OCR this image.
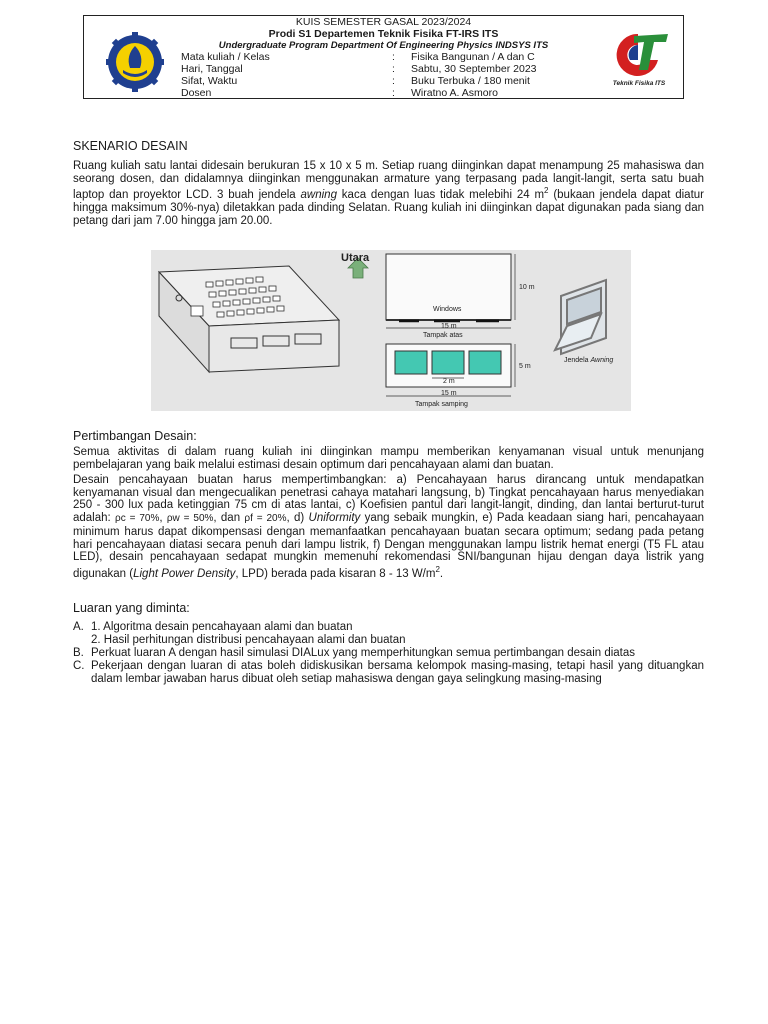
KUIS SEMESTER GASAL 2023/2024
Prodi S1 Departemen Teknik Fisika FT-IRS ITS
Undergraduate Program Department Of Engineering Physics INDSYS ITS
Mata kuliah / Kelas	: Fisika Bangunan / A dan C
Hari, Tanggal	: Sabtu, 30 September 2023
Sifat, Waktu	: Buku Terbuka / 180 menit
Dosen	: Wiratno A. Asmoro
Teknik Fisika ITS
SKENARIO DESAIN
Ruang kuliah satu lantai didesain berukuran 15 x 10 x 5 m. Setiap ruang diinginkan dapat menampung 25 mahasiswa dan seorang dosen, dan didalamnya diinginkan menggunakan armature yang terpasang pada langit-langit, serta satu buah laptop dan proyektor LCD. 3 buah jendela awning kaca dengan luas tidak melebihi 24 $m^2$ (bukaan jendela dapat diatur hingga maksimum 30%-nya) diletakkan pada dinding Selatan. Ruang kuliah ini diinginkan dapat digunakan pada siang dan petang dari jam 7.00 hingga jam 20.00.
Utara
10 m
Windows
15 m
Tampak atas
5 m
2 m
15 m
Tampak samping
Jendela Awning
Pertimbangan Desain:
Semua aktivitas di dalam ruang kuliah ini diinginkan mampu memberikan kenyamanan visual untuk menunjang pembelajaran yang baik melalui estimasi desain optimum dari pencahayaan alami dan buatan.
Desain pencahayaan buatan harus mempertimbangkan: a) Pencahayaan harus dirancang untuk mendapatkan kenyamanan visual dan mengecualikan penetrasi cahaya matahari langsung, b) Tingkat pencahayaan harus menyediakan 250 - 300 lux pada ketinggian 75 cm di atas lantai, c) Koefisien pantul dari langit-langit, dinding, dan lantai berturut-turut adalah: ρc = 70%, ρw = 50%, dan ρf = 20%, d) Uniformity yang sebaik mungkin, e) Pada keadaan siang hari, pencahayaan minimum harus dapat dikompensasi dengan memanfaatkan pencahayaan buatan secara optimum; sedang pada petang hari pencahayaan diatasi secara penuh dari lampu listrik, f) Dengan menggunakan lampu listrik hemat energi (T5 FL atau LED), desain pencahayaan sedapat mungkin memenuhi rekomendasi SNI/bangunan hijau dengan daya listrik yang digunakan (Light Power Density, LPD) berada pada kisaran 8 - 13 $W/m^2$.
Luaran yang diminta:
A. 1. Algoritma desain pencahayaan alami dan buatan
2. Hasil perhitungan distribusi pencahayaan alami dan buatan
B. Perkuat luaran A dengan hasil simulasi DIALux yang memperhitungkan semua pertimbangan desain diatas
C. Pekerjaan dengan luaran di atas boleh didiskusikan bersama kelompok masing-masing, tetapi hasil yang dituangkan dalam lembar jawaban harus dibuat oleh setiap mahasiswa dengan gaya selingkung masing-masing
